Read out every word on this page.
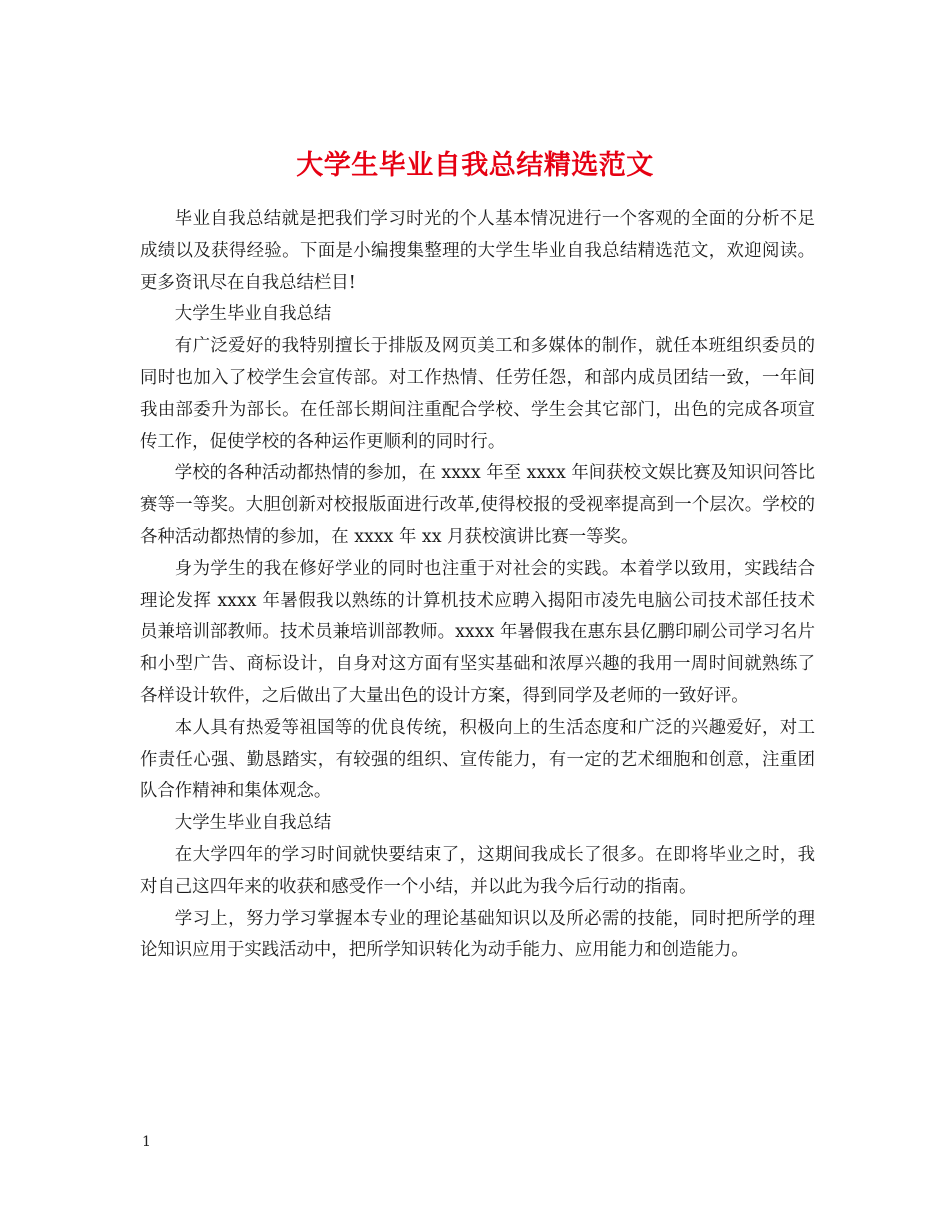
大学生毕业自我总结精选范文

毕业自我总结就是把我们学习时光的个人基本情况进行一个客观的全面的分析不足成绩以及获得经验。下面是小编搜集整理的大学生毕业自我总结精选范文，欢迎阅读。更多资讯尽在自我总结栏目!

大学生毕业自我总结

有广泛爱好的我特别擅长于排版及网页美工和多媒体的制作，就任本班组织委员的同时也加入了校学生会宣传部。对工作热情、任劳任怨，和部内成员团结一致，一年间我由部委升为部长。在任部长期间注重配合学校、学生会其它部门，出色的完成各项宣传工作，促使学校的各种运作更顺利的同时行。

学校的各种活动都热情的参加，在 xxxx 年至 xxxx 年间获校文娱比赛及知识问答比赛等一等奖。大胆创新对校报版面进行改革,使得校报的受视率提高到一个层次。学校的各种活动都热情的参加，在 xxxx 年 xx 月获校演讲比赛一等奖。

身为学生的我在修好学业的同时也注重于对社会的实践。本着学以致用，实践结合理论发挥 xxxx 年暑假我以熟练的计算机技术应聘入揭阳市凌先电脑公司技术部任技术员兼培训部教师。技术员兼培训部教师。xxxx 年暑假我在惠东县亿鹏印刷公司学习名片和小型广告、商标设计，自身对这方面有坚实基础和浓厚兴趣的我用一周时间就熟练了各样设计软件，之后做出了大量出色的设计方案，得到同学及老师的一致好评。

本人具有热爱等祖国等的优良传统，积极向上的生活态度和广泛的兴趣爱好，对工作责任心强、勤恳踏实，有较强的组织、宣传能力，有一定的艺术细胞和创意，注重团队合作精神和集体观念。

大学生毕业自我总结

在大学四年的学习时间就快要结束了，这期间我成长了很多。在即将毕业之时，我对自己这四年来的收获和感受作一个小结，并以此为我今后行动的指南。

学习上，努力学习掌握本专业的理论基础知识以及所必需的技能，同时把所学的理论知识应用于实践活动中，把所学知识转化为动手能力、应用能力和创造能力。

1
